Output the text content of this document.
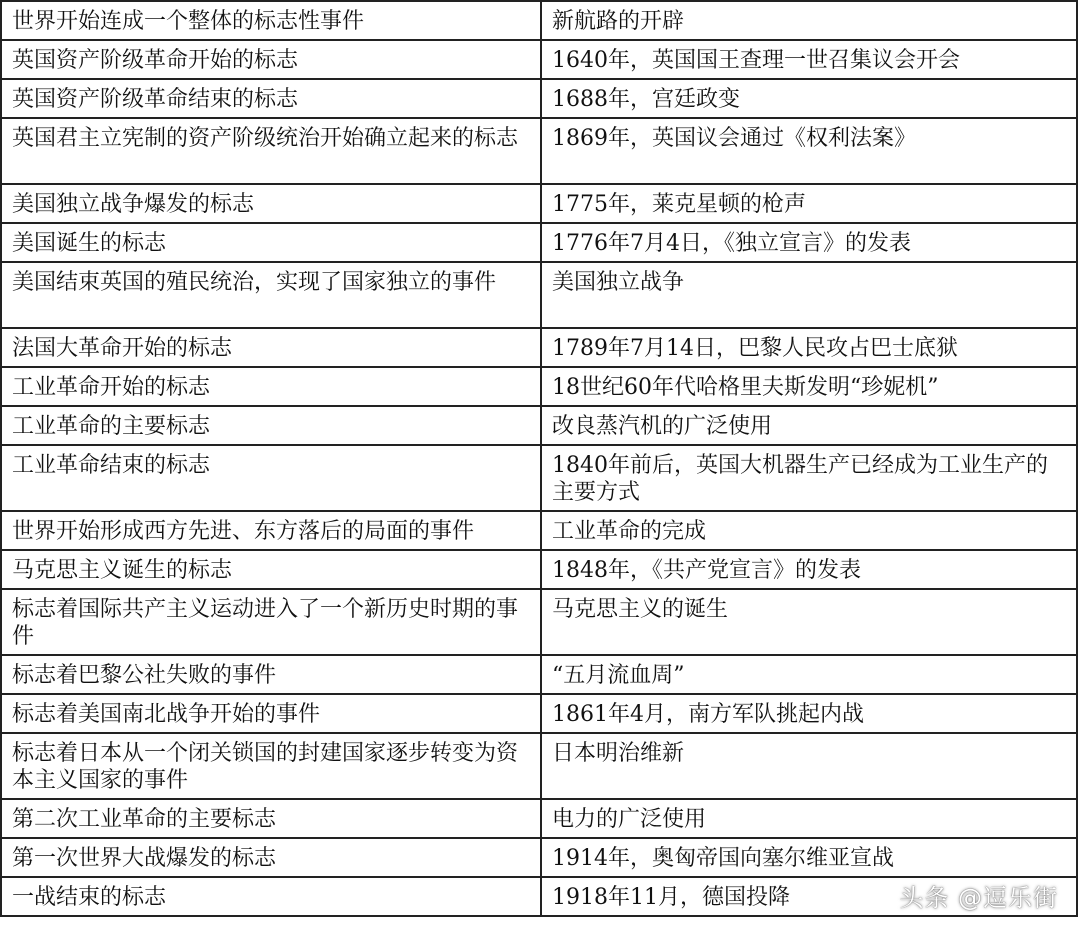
世界开始连成一个整体的标志性事件	新航路的开辟
英国资产阶级革命开始的标志	1640年，英国国王查理一世召集议会开会
英国资产阶级革命结束的标志	1688年，宫廷政变
英国君主立宪制的资产阶级统治开始确立起来的标志	1869年，英国议会通过《权利法案》
美国独立战争爆发的标志	1775年，莱克星顿的枪声
美国诞生的标志	1776年7月4日，《独立宣言》的发表
美国结束英国的殖民统治，实现了国家独立的事件	美国独立战争
法国大革命开始的标志	1789年7月14日，巴黎人民攻占巴士底狱
工业革命开始的标志	18世纪60年代哈格里夫斯发明“珍妮机”
工业革命的主要标志	改良蒸汽机的广泛使用
工业革命结束的标志	1840年前后，英国大机器生产已经成为工业生产的主要方式
世界开始形成西方先进、东方落后的局面的事件	工业革命的完成
马克思主义诞生的标志	1848年，《共产党宣言》的发表
标志着国际共产主义运动进入了一个新历史时期的事件	马克思主义的诞生
标志着巴黎公社失败的事件	“五月流血周”
标志着美国南北战争开始的事件	1861年4月，南方军队挑起内战
标志着日本从一个闭关锁国的封建国家逐步转变为资本主义国家的事件	日本明治维新
第二次工业革命的主要标志	电力的广泛使用
第一次世界大战爆发的标志	1914年，奥匈帝国向塞尔维亚宣战
一战结束的标志	1918年11月，德国投降	头条 @逗乐街
